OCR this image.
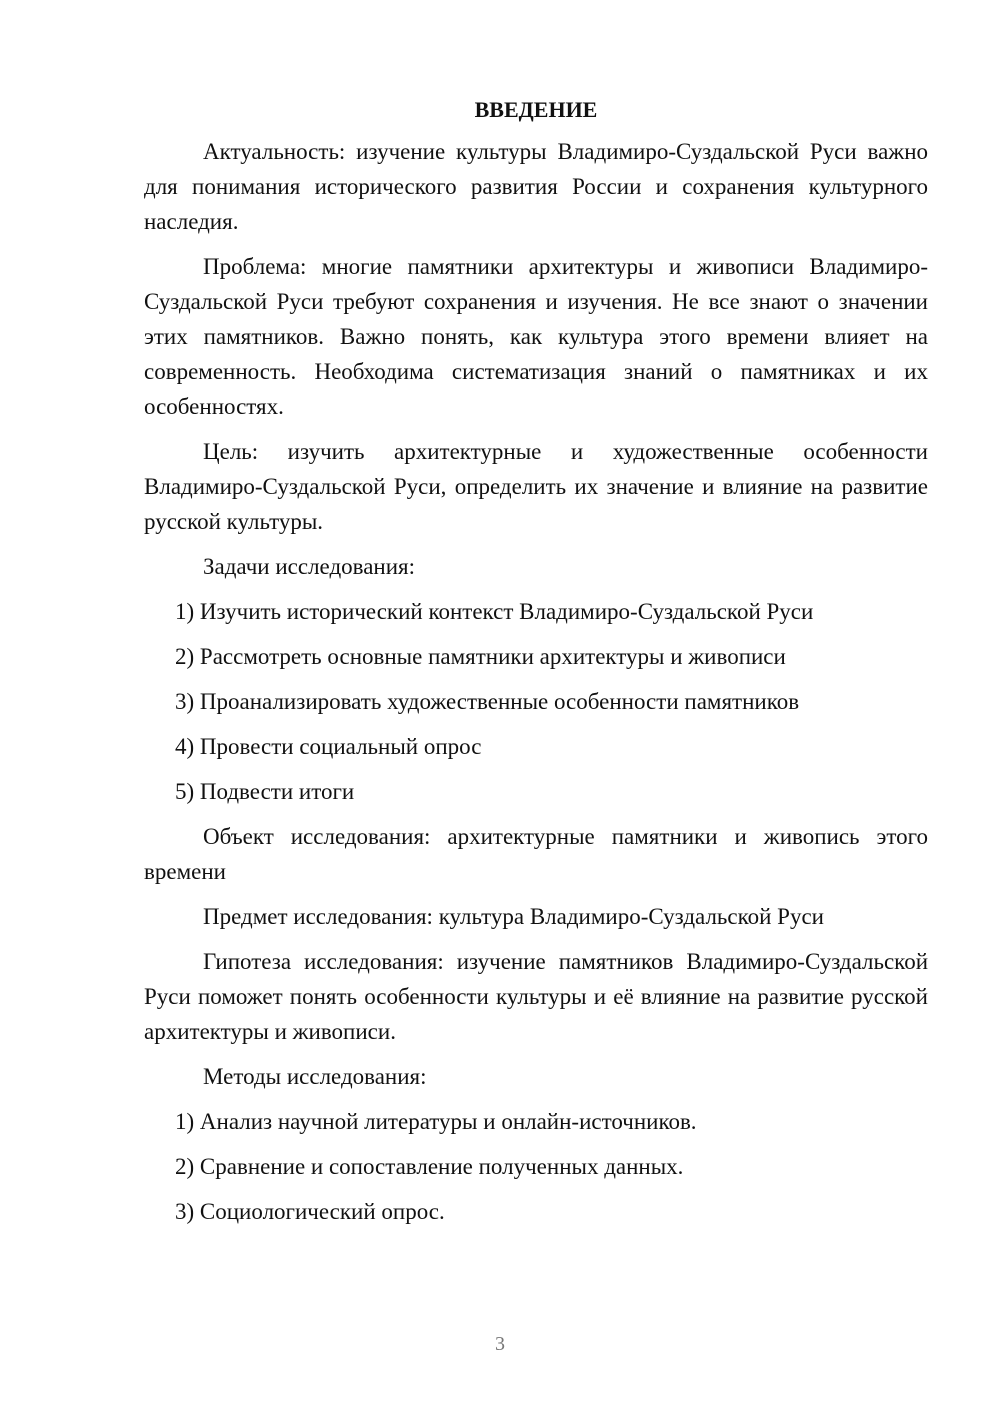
ВВЕДЕНИЕ

Актуальность: изучение культуры Владимиро-Суздальской Руси важно для понимания исторического развития России и сохранения культурного наследия.

Проблема: многие памятники архитектуры и живописи Владимиро-Суздальской Руси требуют сохранения и изучения. Не все знают о значении этих памятников. Важно понять, как культура этого времени влияет на современность. Необходима систематизация знаний о памятниках и их особенностях.

Цель: изучить архитектурные и художественные особенности Владимиро-Суздальской Руси, определить их значение и влияние на развитие русской культуры.

Задачи исследования:
1) Изучить исторический контекст Владимиро-Суздальской Руси
2) Рассмотреть основные памятники архитектуры и живописи
3) Проанализировать художественные особенности памятников
4) Провести социальный опрос
5) Подвести итоги

Объект исследования: архитектурные памятники и живопись этого времени

Предмет исследования: культура Владимиро-Суздальской Руси

Гипотеза исследования: изучение памятников Владимиро-Суздальской Руси поможет понять особенности культуры и её влияние на развитие русской архитектуры и живописи.

Методы исследования:
1) Анализ научной литературы и онлайн-источников.
2) Сравнение и сопоставление полученных данных.
3) Социологический опрос.
3
